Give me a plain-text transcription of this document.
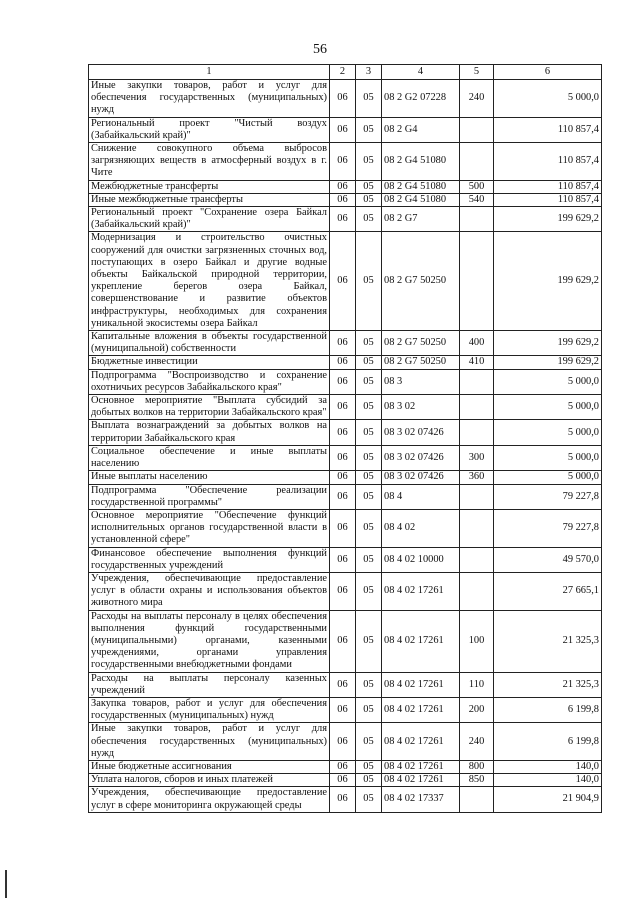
56
1	2	3	4	5	6
Иные закупки товаров, работ и услуг для обеспечения государственных (муниципальных) нужд	06	05	08 2 G2 07228	240	5 000,0
Региональный проект "Чистый воздух (Забайкальский край)"	06	05	08 2 G4		110 857,4
Снижение совокупного объема выбросов загрязняющих веществ в атмосферный воздух в г. Чите	06	05	08 2 G4 51080		110 857,4
Межбюджетные трансферты	06	05	08 2 G4 51080	500	110 857,4
Иные межбюджетные трансферты	06	05	08 2 G4 51080	540	110 857,4
Региональный проект "Сохранение озера Байкал (Забайкальский край)"	06	05	08 2 G7		199 629,2
Модернизация и строительство очистных сооружений для очистки загрязненных сточных вод, поступающих в озеро Байкал и другие водные объекты Байкальской природной территории, укрепление берегов озера Байкал, совершенствование и развитие объектов инфраструктуры, необходимых для сохранения уникальной экосистемы озера Байкал	06	05	08 2 G7 50250		199 629,2
Капитальные вложения в объекты государственной (муниципальной) собственности	06	05	08 2 G7 50250	400	199 629,2
Бюджетные инвестиции	06	05	08 2 G7 50250	410	199 629,2
Подпрограмма "Воспроизводство и сохранение охотничьих ресурсов Забайкальского края"	06	05	08 3		5 000,0
Основное мероприятие "Выплата субсидий за добытых волков на территории Забайкальского края"	06	05	08 3 02		5 000,0
Выплата вознаграждений за добытых волков на территории Забайкальского края	06	05	08 3 02 07426		5 000,0
Социальное обеспечение и иные выплаты населению	06	05	08 3 02 07426	300	5 000,0
Иные выплаты населению	06	05	08 3 02 07426	360	5 000,0
Подпрограмма "Обеспечение реализации государственной программы"	06	05	08 4		79 227,8
Основное мероприятие "Обеспечение функций исполнительных органов государственной власти в установленной сфере"	06	05	08 4 02		79 227,8
Финансовое обеспечение выполнения функций государственных учреждений	06	05	08 4 02 10000		49 570,0
Учреждения, обеспечивающие предоставление услуг в области охраны и использования объектов животного мира	06	05	08 4 02 17261		27 665,1
Расходы на выплаты персоналу в целях обеспечения выполнения функций государственными (муниципальными) органами, казенными учреждениями, органами управления государственными внебюджетными фондами	06	05	08 4 02 17261	100	21 325,3
Расходы на выплаты персоналу казенных учреждений	06	05	08 4 02 17261	110	21 325,3
Закупка товаров, работ и услуг для обеспечения государственных (муниципальных) нужд	06	05	08 4 02 17261	200	6 199,8
Иные закупки товаров, работ и услуг для обеспечения государственных (муниципальных) нужд	06	05	08 4 02 17261	240	6 199,8
Иные бюджетные ассигнования	06	05	08 4 02 17261	800	140,0
Уплата налогов, сборов и иных платежей	06	05	08 4 02 17261	850	140,0
Учреждения, обеспечивающие предоставление услуг в сфере мониторинга окружающей среды	06	05	08 4 02 17337		21 904,9
